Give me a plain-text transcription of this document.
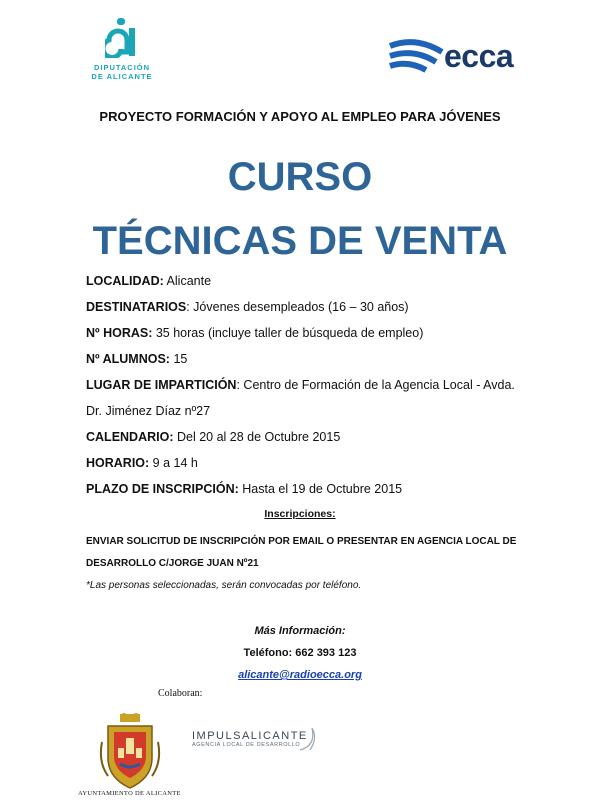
DIPUTACIÓN
DE ALICANTE
ecca
PROYECTO FORMACIÓN Y APOYO AL EMPLEO PARA JÓVENES
CURSO
TÉCNICAS DE VENTA
LOCALIDAD: Alicante
DESTINATARIOS: Jóvenes desempleados (16 – 30 años)
Nº HORAS: 35 horas (incluye taller de búsqueda de empleo)
Nº ALUMNOS: 15
LUGAR DE IMPARTICIÓN: Centro de Formación de la Agencia Local - Avda.
Dr. Jiménez Díaz nº27
CALENDARIO: Del 20 al 28 de Octubre 2015
HORARIO: 9 a 14 h
PLAZO DE INSCRIPCIÓN: Hasta el 19 de Octubre 2015
Inscripciones:
ENVIAR SOLICITUD DE INSCRIPCIÓN POR EMAIL O PRESENTAR EN AGENCIA LOCAL DE
DESARROLLO C/JORGE JUAN Nº21
*Las personas seleccionadas, serán convocadas por teléfono.
Más Información:
Teléfono: 662 393 123
alicante@radioecca.org
Colaboran:
AYUNTAMIENTO DE ALICANTE
IMPULSALICANTE
AGENCIA LOCAL DE DESARROLLO
